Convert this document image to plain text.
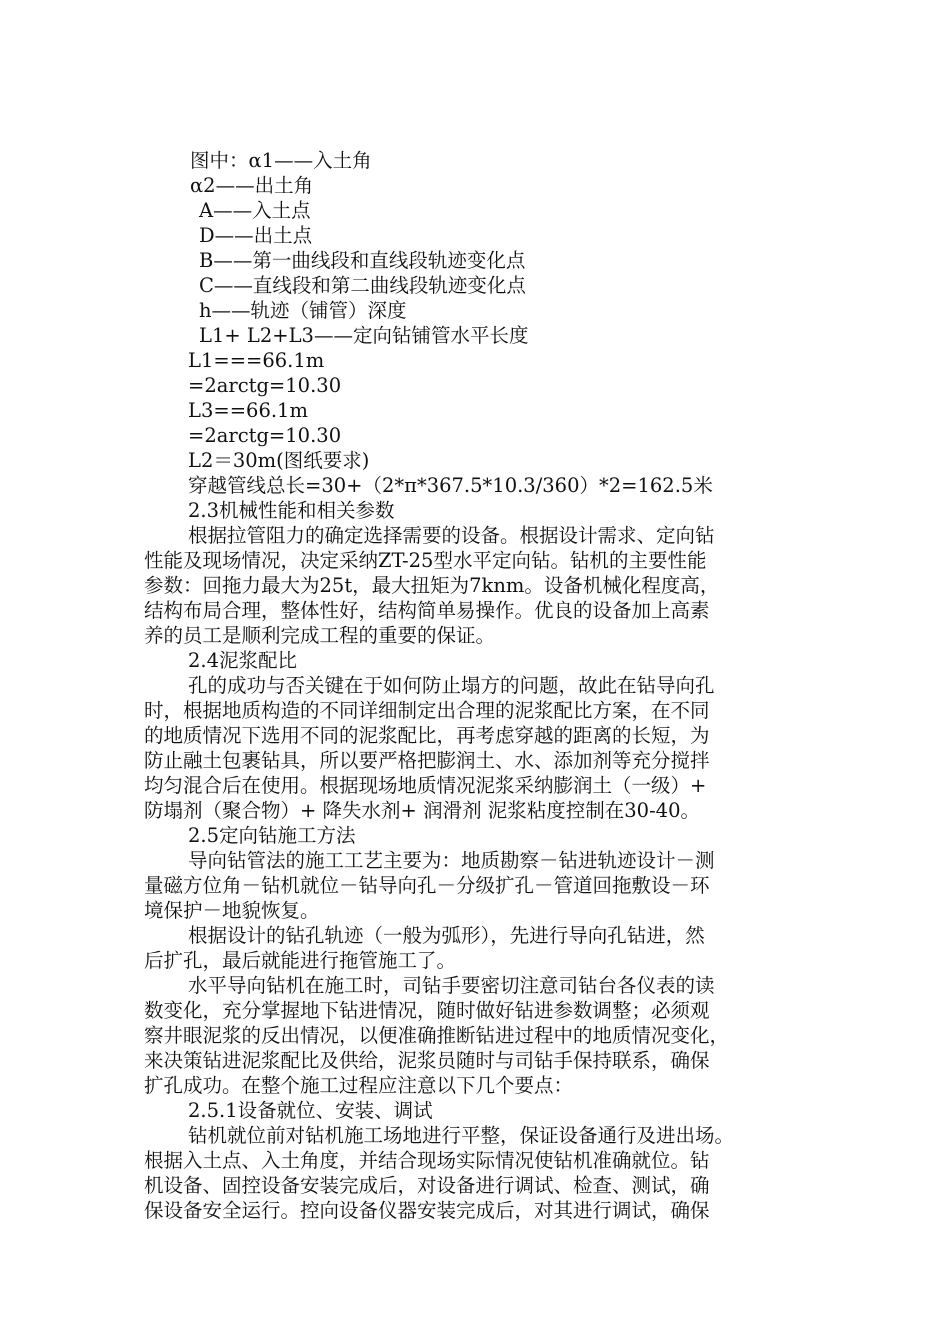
图中：α1——入土角
α2——出土角
A——入土点
D——出土点
B——第一曲线段和直线段轨迹变化点
C——直线段和第二曲线段轨迹变化点
h——轨迹（铺管）深度
L1+ L2+L3——定向钻铺管水平长度
L1===66.1m
=2arctg=10.30
L3==66.1m
=2arctg=10.30
L2＝30m(图纸要求)
穿越管线总长=30+（2*π*367.5*10.3/360）*2=162.5米
2.3机械性能和相关参数
根据拉管阻力的确定选择需要的设备。根据设计需求、定向钻
性能及现场情况，决定采纳ZT-25型水平定向钻。钻机的主要性能
参数：回拖力最大为25t，最大扭矩为7knm。设备机械化程度高，
结构布局合理，整体性好，结构简单易操作。优良的设备加上高素
养的员工是顺利完成工程的重要的保证。
2.4泥浆配比
孔的成功与否关键在于如何防止塌方的问题，故此在钻导向孔
时，根据地质构造的不同详细制定出合理的泥浆配比方案，在不同
的地质情况下选用不同的泥浆配比，再考虑穿越的距离的长短，为
防止融土包裹钻具，所以要严格把膨润土、水、添加剂等充分搅拌
均匀混合后在使用。根据现场地质情况泥浆采纳膨润土（一级）+
防塌剂（聚合物）+ 降失水剂+ 润滑剂 泥浆粘度控制在30-40。
2.5定向钻施工方法
导向钻管法的施工工艺主要为：地质勘察－钻进轨迹设计－测
量磁方位角－钻机就位－钻导向孔－分级扩孔－管道回拖敷设－环
境保护－地貌恢复。
根据设计的钻孔轨迹（一般为弧形），先进行导向孔钻进，然
后扩孔，最后就能进行拖管施工了。
水平导向钻机在施工时，司钻手要密切注意司钻台各仪表的读
数变化，充分掌握地下钻进情况，随时做好钻进参数调整；必须观
察井眼泥浆的反出情况，以便准确推断钻进过程中的地质情况变化，
来决策钻进泥浆配比及供给，泥浆员随时与司钻手保持联系，确保
扩孔成功。在整个施工过程应注意以下几个要点：
2.5.1设备就位、安装、调试
钻机就位前对钻机施工场地进行平整，保证设备通行及进出场。
根据入土点、入土角度，并结合现场实际情况使钻机准确就位。钻
机设备、固控设备安装完成后，对设备进行调试、检查、测试，确
保设备安全运行。控向设备仪器安装完成后，对其进行调试，确保
